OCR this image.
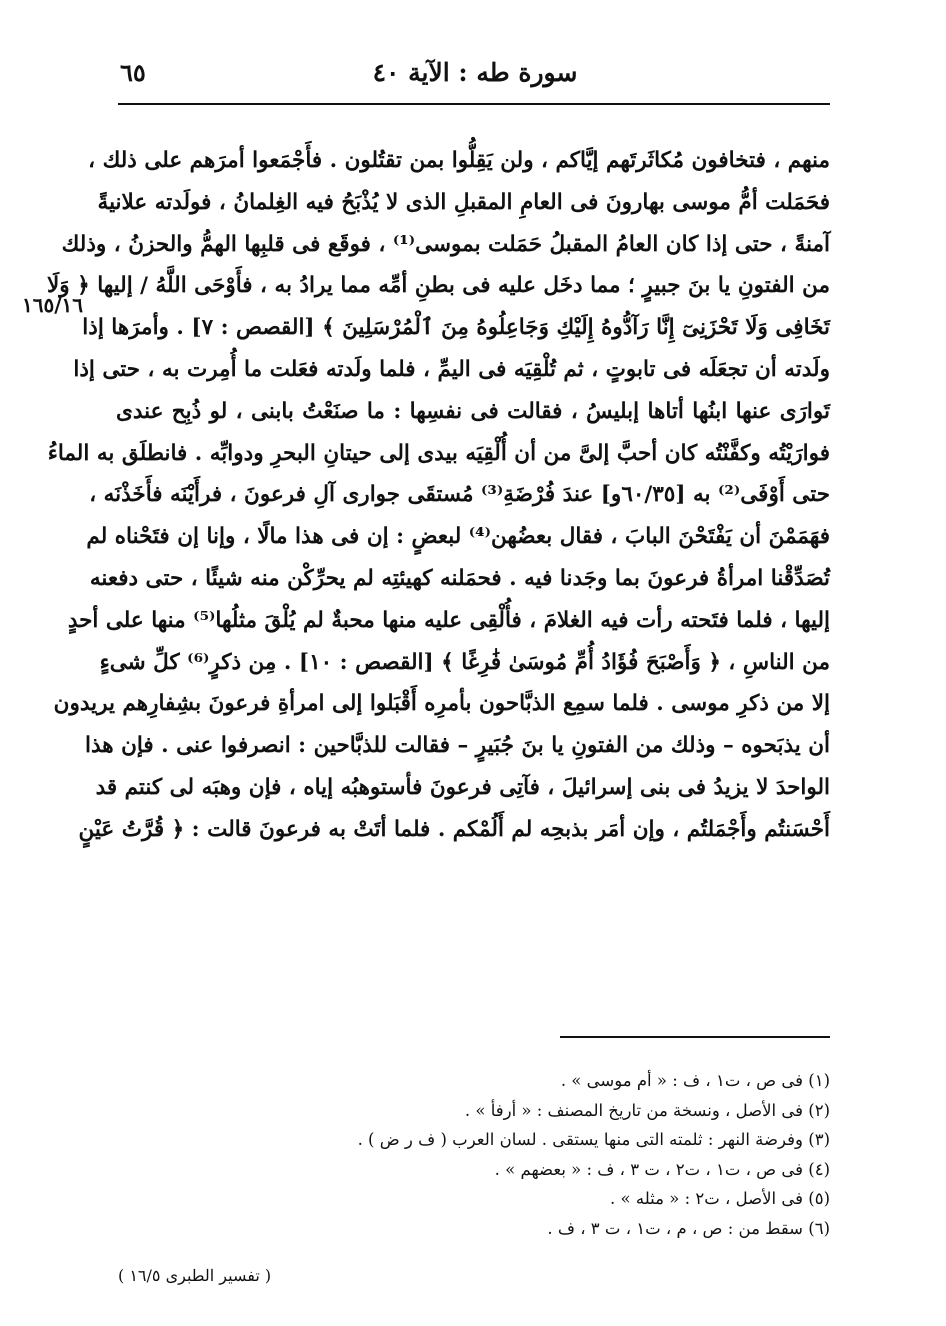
سورة طه : الآية ٤٠
٦٥
١٦٥/١٦
منهم ، فتخافون مُكاثَرتَهم إيَّاكم ، ولن يَقِلُّوا بمن تقتُلون . فأَجْمَعوا أمرَهم على ذلك ،
فحَمَلت أمُّ موسى بهارونَ فى العامِ المقبلِ الذى لا يُذْبَحُ فيه الغِلمانُ ، فولَدته علانيةً
آمنةً ، حتى إذا كان العامُ المقبلُ حَمَلت بموسى⁽¹⁾ ، فوقَع فى قلبِها الهمُّ والحزنُ ، وذلك
من الفتونِ يا بنَ جبيرٍ ؛ مما دخَل عليه فى بطنِ أمِّه مما يرادُ به ، فأَوْحَى اللَّهُ / إليها ﴿ وَلَا
تَخَافِى وَلَا تَحْزَنِىٓ إِنَّا رَآدُّوهُ إِلَيْكِ وَجَاعِلُوهُ مِنَ ٱلْمُرْسَلِينَ ﴾ [القصص : ٧] . وأمرَها إذا
ولَدته أن تجعَلَه فى تابوتٍ ، ثم تُلْقِيَه فى اليمِّ ، فلما ولَدته فعَلت ما أُمِرت به ، حتى إذا
تَوارَى عنها ابنُها أتاها إبليسُ ، فقالت فى نفسِها : ما صنَعْتُ بابنى ، لو ذُبِح عندى
فوارَيْتُه وكفَّنْتُه كان أحبَّ إلىَّ من أن أُلْقِيَه بيدى إلى حيتانِ البحرِ ودوابِّه . فانطلَق به الماءُ
حتى أَوْفَى⁽²⁾ به [٦٠/٣٥و] عندَ فُرْضَةِ⁽³⁾ مُستقَى جوارى آلِ فرعونَ ، فرأَيْنَه فأَخَذْنَه ،
فهَمَمْنَ أن يَفْتَحْنَ البابَ ، فقال بعضُهن⁽⁴⁾ لبعضٍ : إن فى هذا مالًا ، وإنا إن فتَحْناه لم
تُصَدِّقْنا امرأةُ فرعونَ بما وجَدنا فيه . فحمَلنه كهيئتِه لم يحرِّكْن منه شيئًا ، حتى دفعنه
إليها ، فلما فتَحته رأت فيه الغلامَ ، فأُلْقِى عليه منها محبةٌ لم يُلْقَ مثلُها⁽⁵⁾ منها على أحدٍ
من الناسِ ، ﴿ وَأَصْبَحَ فُؤَادُ أُمِّ مُوسَىٰ فَٰرِغًا ﴾ [القصص : ١٠] . مِن ذكرٍ⁽⁶⁾ كلِّ شىءٍ
إلا من ذكرِ موسى . فلما سمِع الذبَّاحون بأمرِه أَقْبَلوا إلى امرأةِ فرعونَ بشِفارِهم يريدون
أن يذبَحوه – وذلك من الفتونِ يا بنَ جُبَيرٍ – فقالت للذبَّاحين : انصرفوا عنى . فإن هذا
الواحدَ لا يزيدُ فى بنى إسرائيلَ ، فآتِى فرعونَ فأستوهبُه إياه ، فإن وهبَه لى كنتم قد
أَحْسَنتُم وأَجْمَلتُم ، وإن أمَر بذبحِه لم أَلُمْكم . فلما أتَتْ به فرعونَ قالت : ﴿ قُرَّتُ عَيْنٍ
(١) فى ص ، ت١ ، ف : « أم موسى » .
(٢) فى الأصل ، ونسخة من تاريخ المصنف : « أرفأ » .
(٣) وفرضة النهر : ثلمته التى منها يستقى . لسان العرب ( ف ر ض ) .
(٤) فى ص ، ت١ ، ت٢ ، ت ٣ ، ف : « بعضهم » .
(٥) فى الأصل ، ت٢ : « مثله » .
(٦) سقط من : ص ، م ، ت١ ، ت ٣ ، ف .
( تفسير الطبرى ١٦/٥ )
